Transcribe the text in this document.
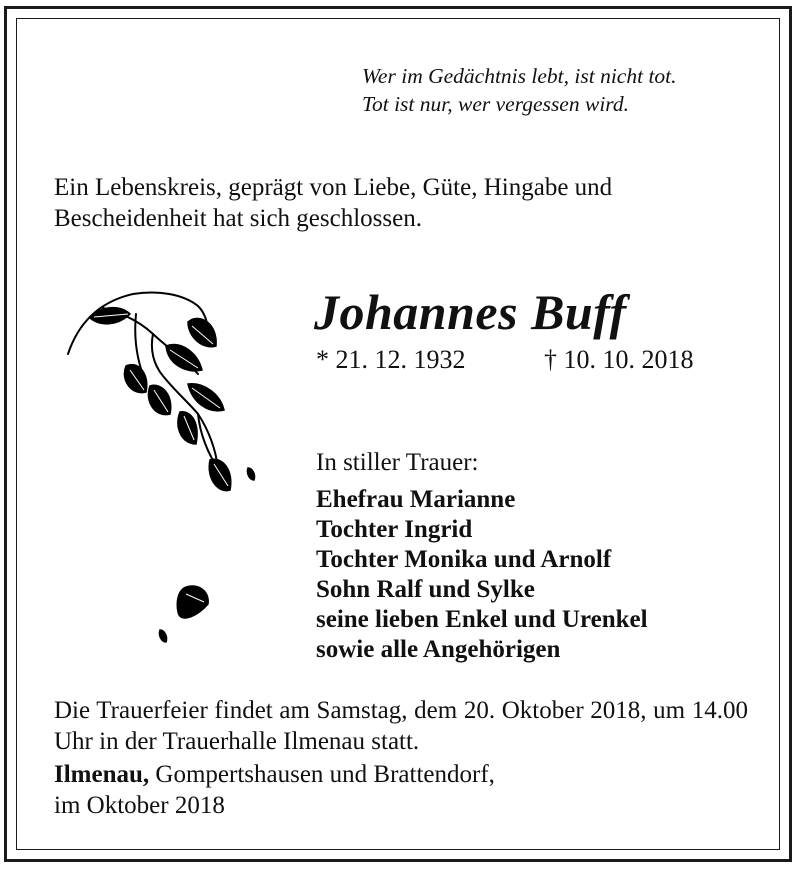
Wer im Gedächtnis lebt, ist nicht tot.
Tot ist nur, wer vergessen wird.
Ein Lebenskreis, geprägt von Liebe, Güte, Hingabe und
Bescheidenheit hat sich geschlossen.
Johannes Buff
* 21. 12. 1932	† 10. 10. 2018
In stiller Trauer:
Ehefrau Marianne
Tochter Ingrid
Tochter Monika und Arnolf
Sohn Ralf und Sylke
seine lieben Enkel und Urenkel
sowie alle Angehörigen
Die Trauerfeier findet am Samstag, dem 20. Oktober 2018, um 14.00 Uhr in der Trauerhalle Ilmenau statt.
Ilmenau, Gompertshausen und Brattendorf,
im Oktober 2018
